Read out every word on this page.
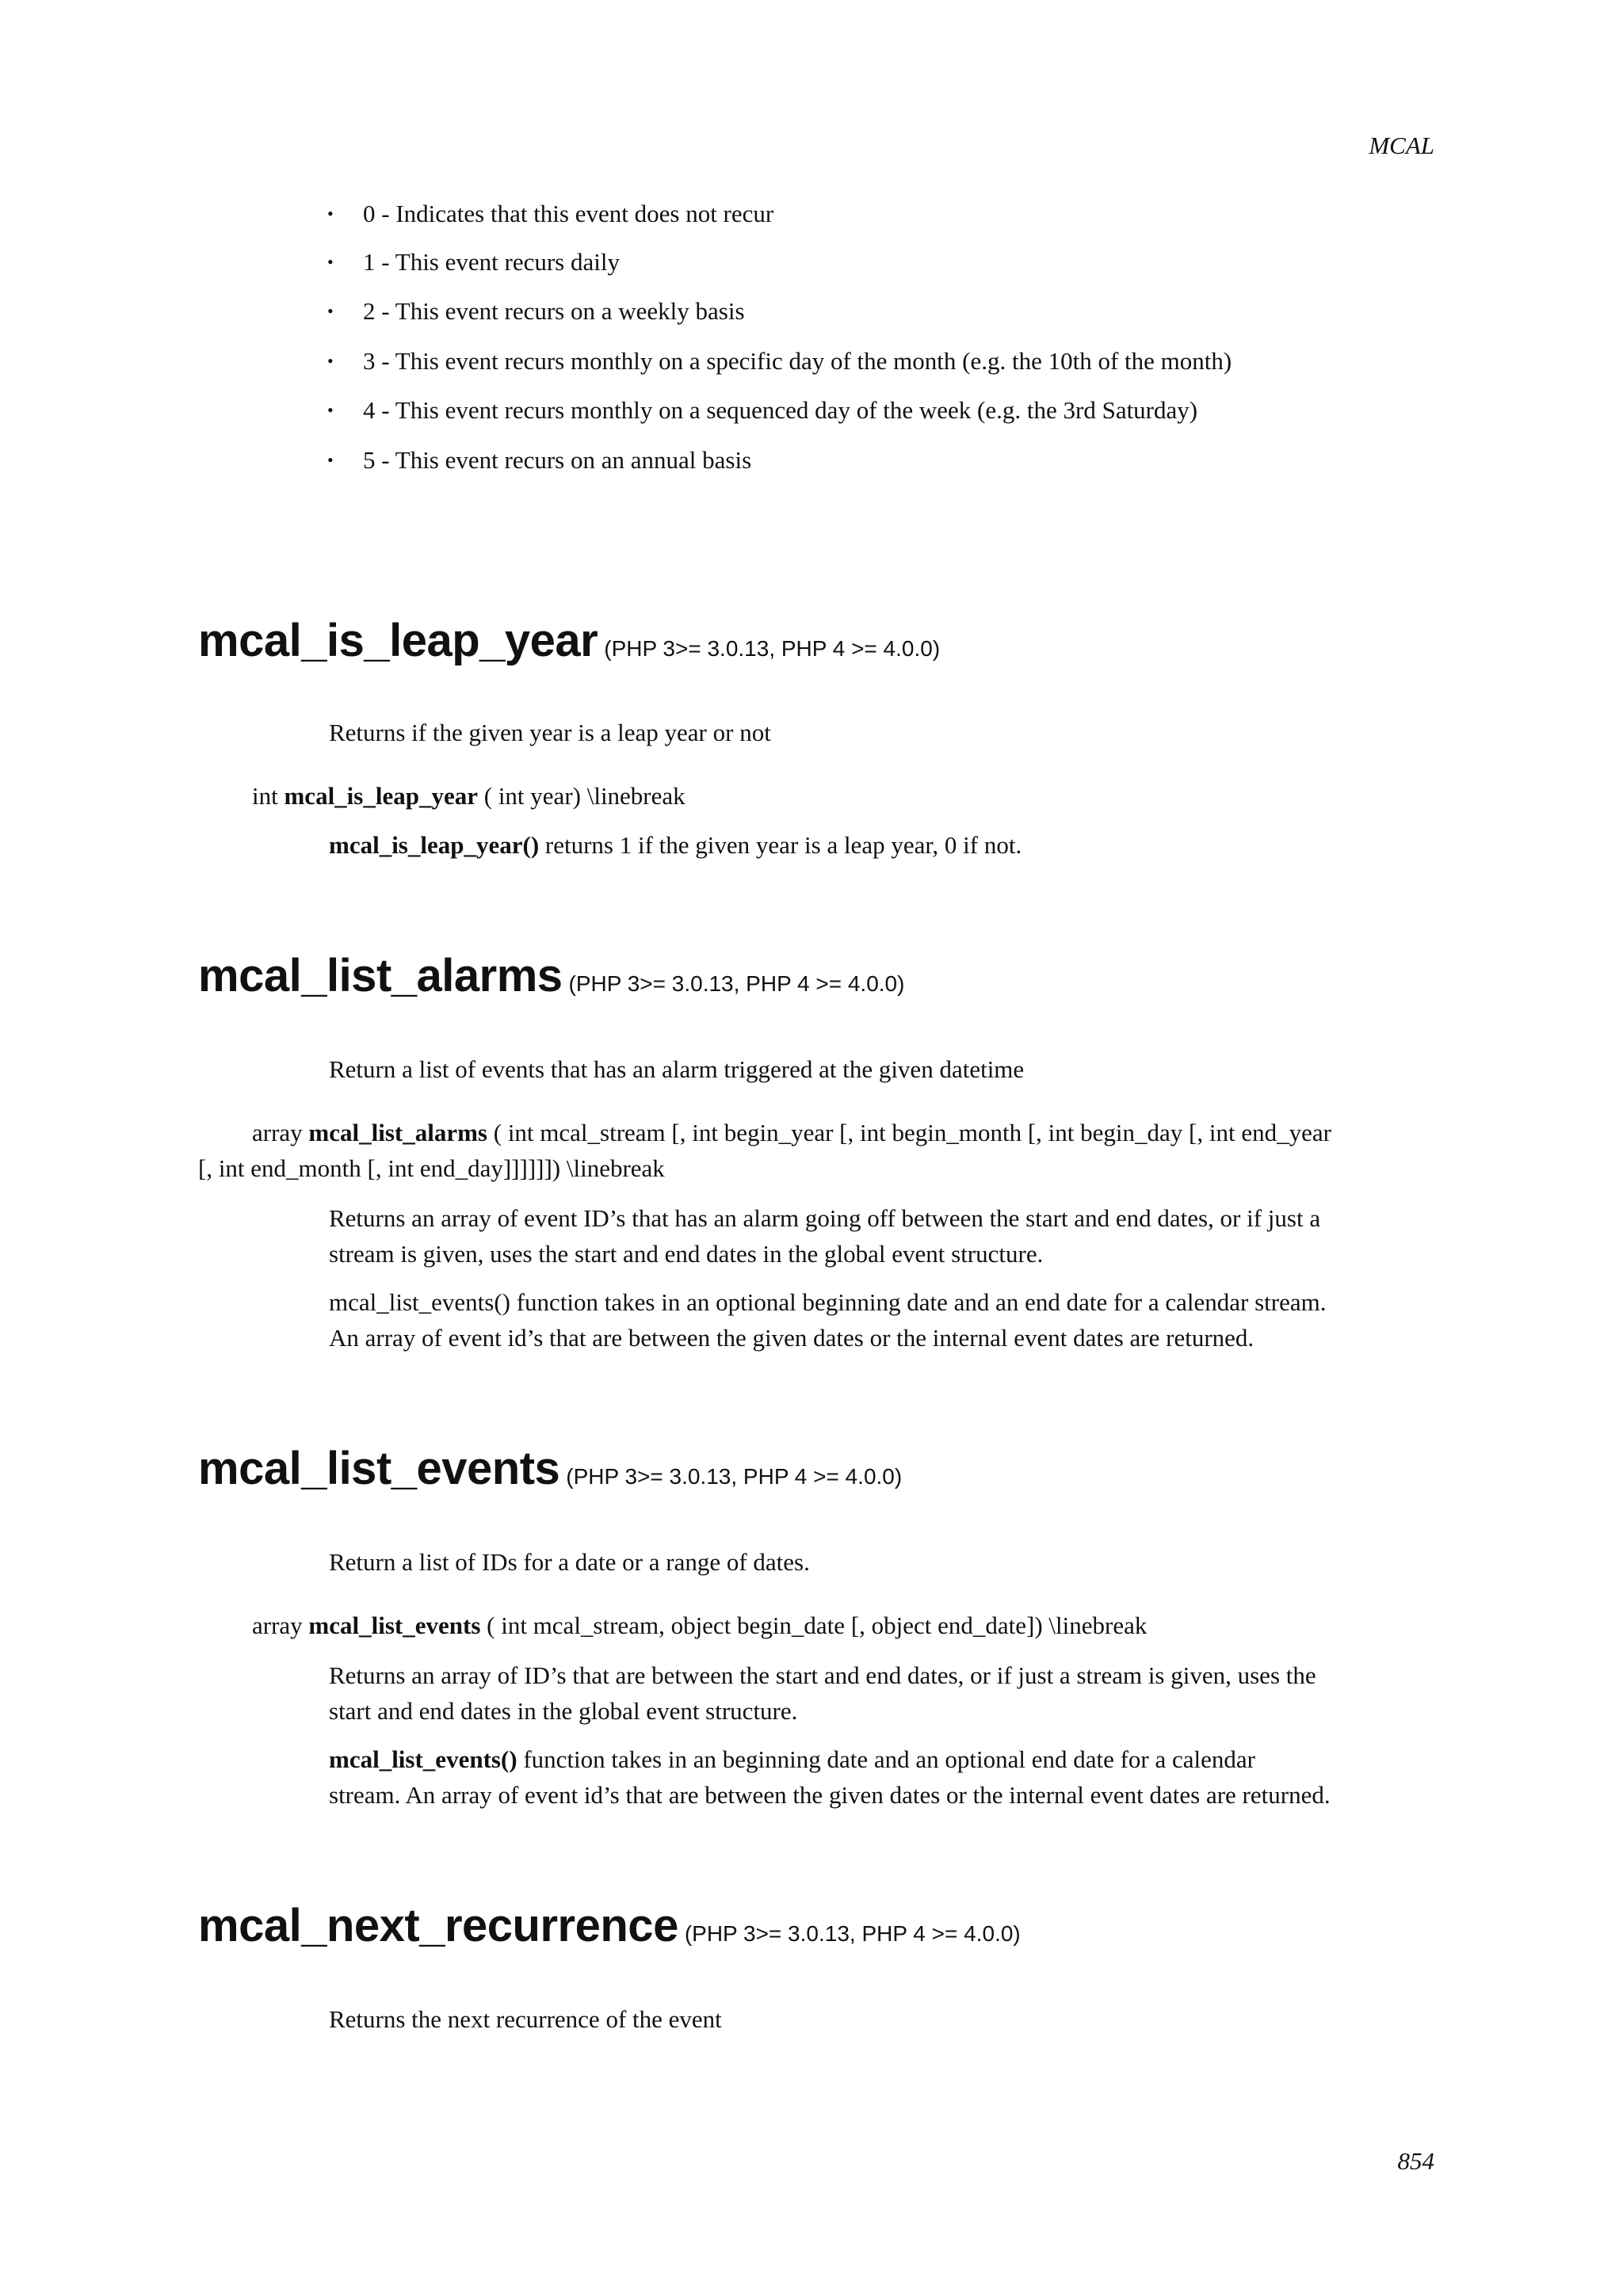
MCAL
• 0 - Indicates that this event does not recur
• 1 - This event recurs daily
• 2 - This event recurs on a weekly basis
• 3 - This event recurs monthly on a specific day of the month (e.g. the 10th of the month)
• 4 - This event recurs monthly on a sequenced day of the week (e.g. the 3rd Saturday)
• 5 - This event recurs on an annual basis
mcal_is_leap_year (PHP 3>= 3.0.13, PHP 4 >= 4.0.0)
Returns if the given year is a leap year or not
int mcal_is_leap_year ( int year) \linebreak
mcal_is_leap_year() returns 1 if the given year is a leap year, 0 if not.
mcal_list_alarms (PHP 3>= 3.0.13, PHP 4 >= 4.0.0)
Return a list of events that has an alarm triggered at the given datetime
array mcal_list_alarms ( int mcal_stream [, int begin_year [, int begin_month [, int begin_day [, int end_year
[, int end_month [, int end_day]]]]]]) \linebreak
Returns an array of event ID’s that has an alarm going off between the start and end dates, or if just a
stream is given, uses the start and end dates in the global event structure.
mcal_list_events() function takes in an optional beginning date and an end date for a calendar stream.
An array of event id’s that are between the given dates or the internal event dates are returned.
mcal_list_events (PHP 3>= 3.0.13, PHP 4 >= 4.0.0)
Return a list of IDs for a date or a range of dates.
array mcal_list_events ( int mcal_stream, object begin_date [, object end_date]) \linebreak
Returns an array of ID’s that are between the start and end dates, or if just a stream is given, uses the
start and end dates in the global event structure.
mcal_list_events() function takes in an beginning date and an optional end date for a calendar
stream. An array of event id’s that are between the given dates or the internal event dates are returned.
mcal_next_recurrence (PHP 3>= 3.0.13, PHP 4 >= 4.0.0)
Returns the next recurrence of the event
854
